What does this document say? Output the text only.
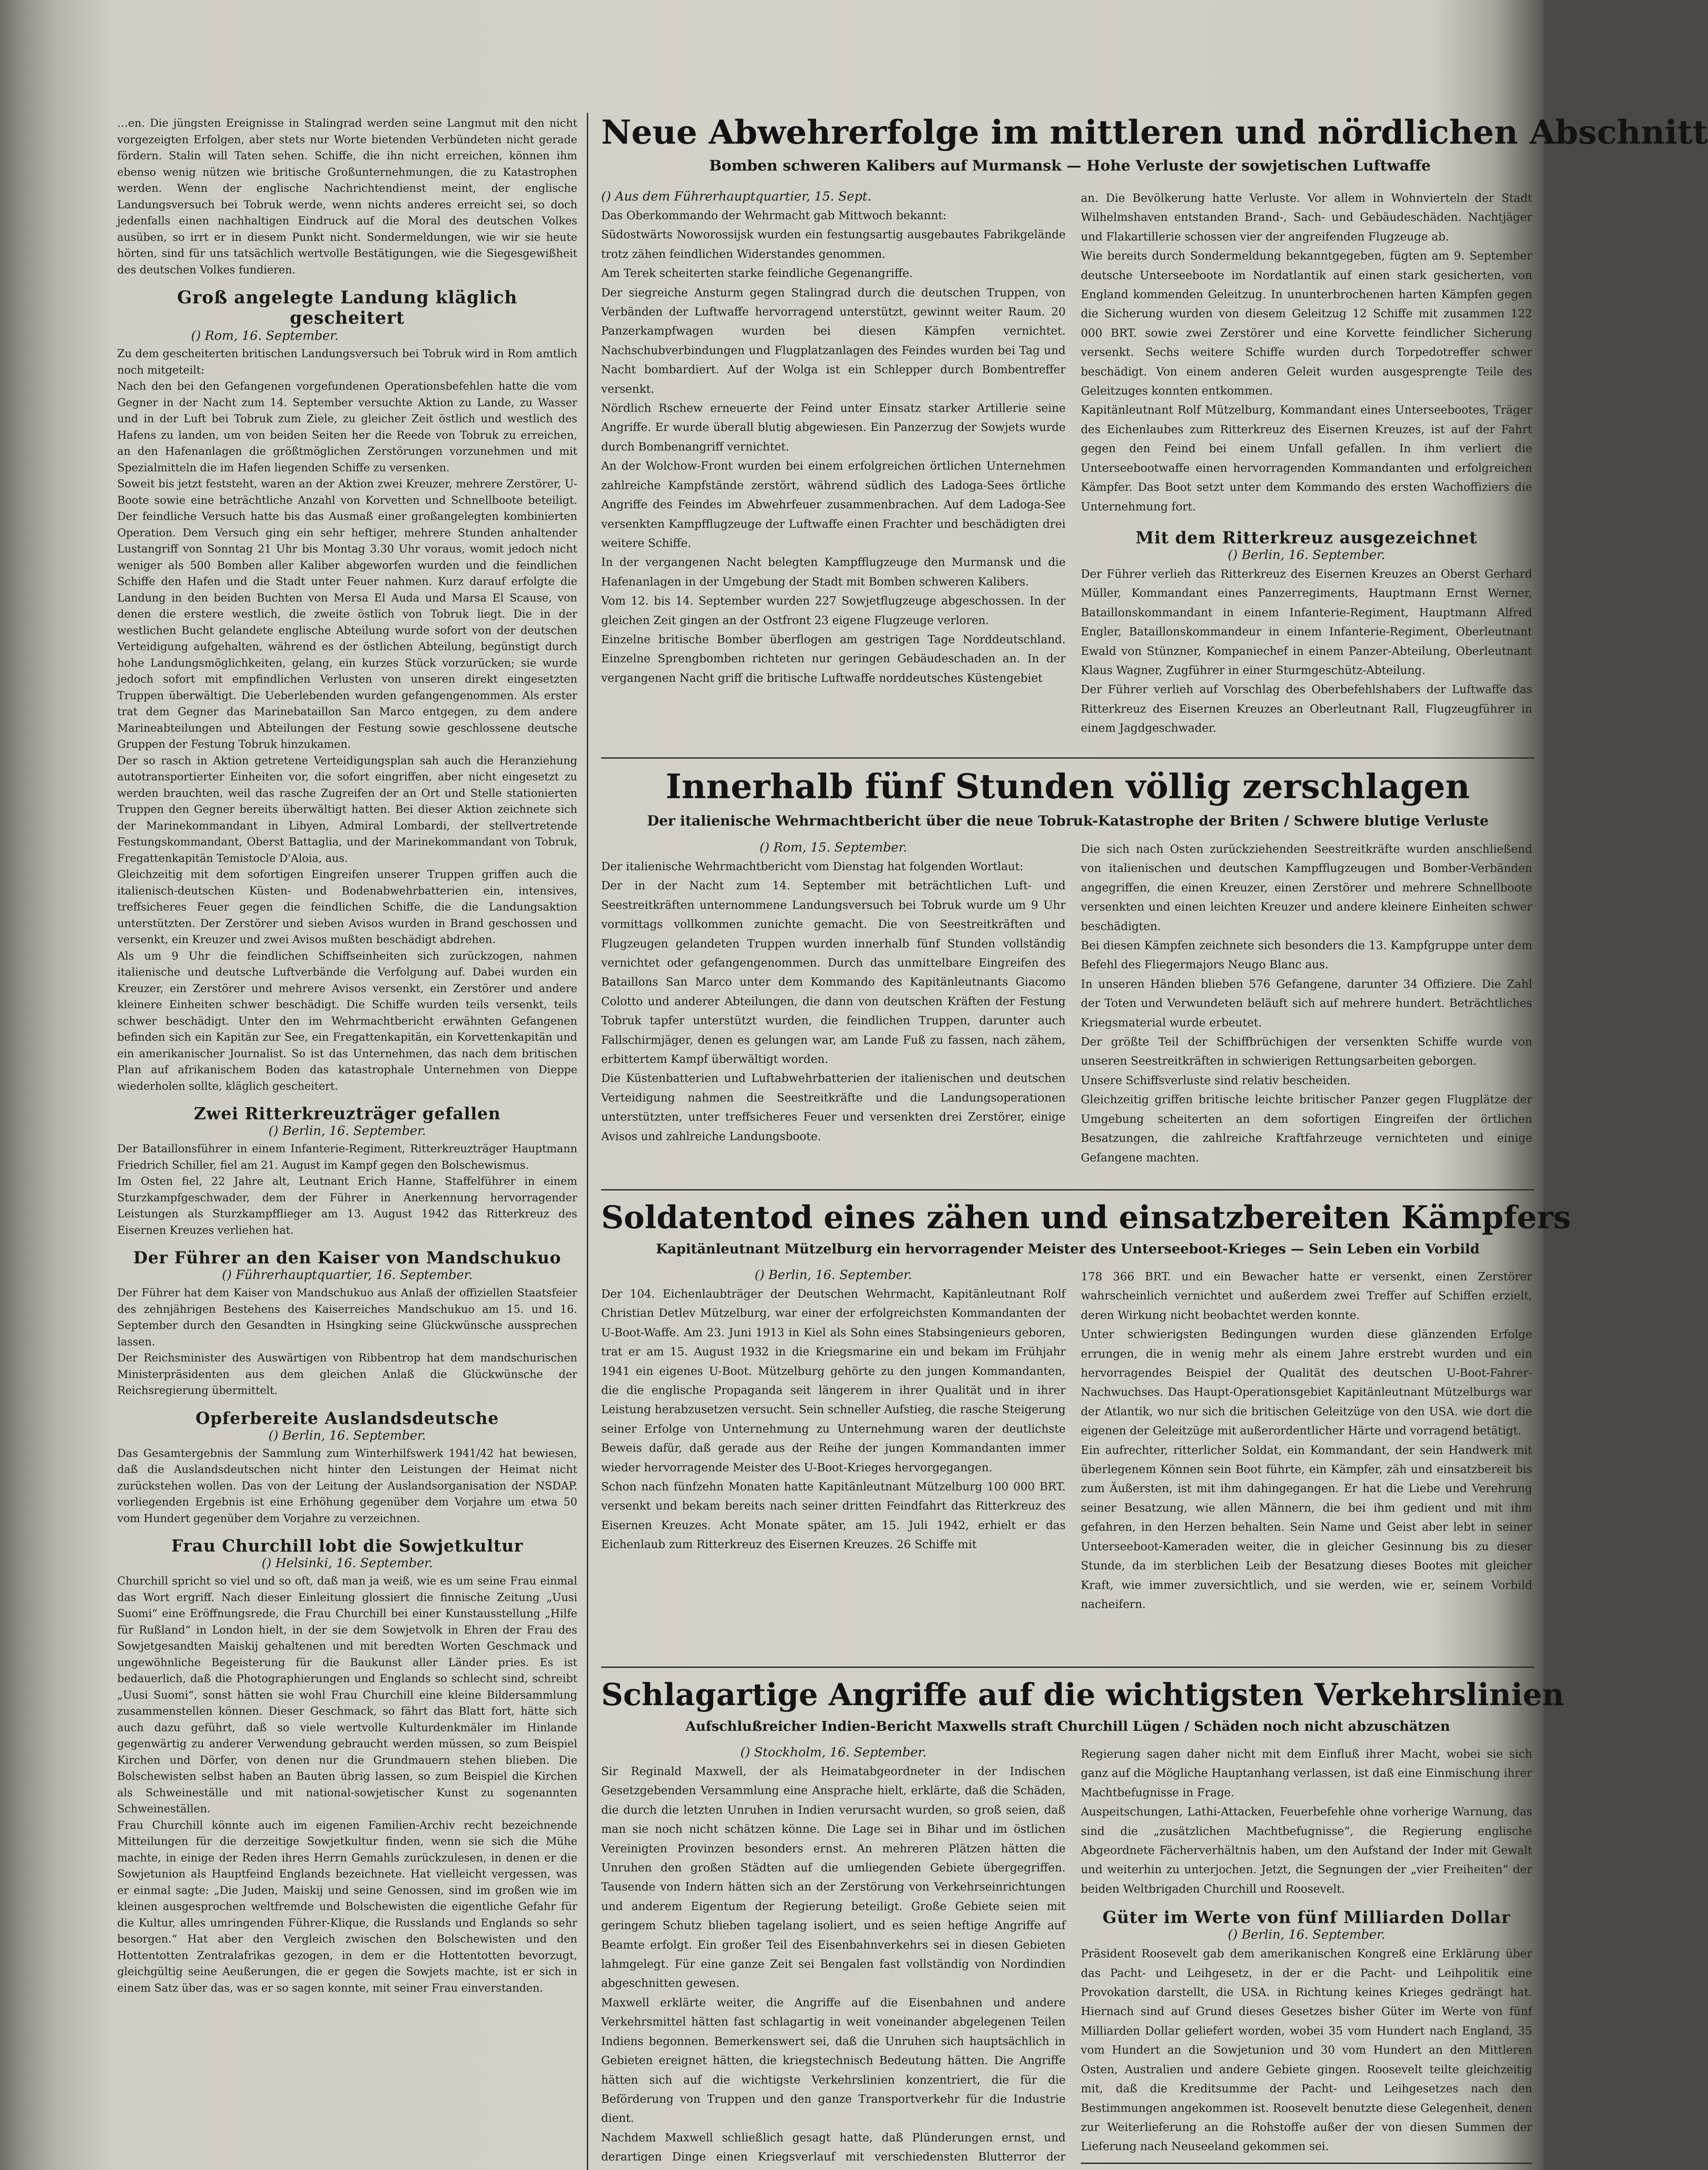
…en. Die jüngsten Ereignisse in Stalingrad werden seine Langmut mit den nicht vorgezeigten Erfolgen, aber stets nur Worte bietenden Verbündeten nicht gerade fördern. Stalin will Taten sehen. Schiffe, die ihn nicht erreichen, können ihm ebenso wenig nützen wie britische Großunternehmungen, die zu Katastrophen werden. Wenn der englische Nachrichtendienst meint, der englische Landungsversuch bei Tobruk werde, wenn nichts anderes erreicht sei, so doch jedenfalls einen nachhaltigen Eindruck auf die Moral des deutschen Volkes ausüben, so irrt er in diesem Punkt nicht. Sondermeldungen, wie wir sie heute hörten, sind für uns tatsächlich wertvolle Bestätigungen, wie die Siegesgewißheit des deutschen Volkes fundieren.

Groß angelegte Landung kläglich gescheitert

() Rom, 16. September.

Zu dem gescheiterten britischen Landungsversuch bei Tobruk wird in Rom amtlich noch mitgeteilt:

Nach den bei den Gefangenen vorgefundenen Operationsbefehlen hatte die vom Gegner in der Nacht zum 14. September versuchte Aktion zu Lande, zu Wasser und in der Luft bei Tobruk zum Ziele, zu gleicher Zeit östlich und westlich des Hafens zu landen, um von beiden Seiten her die Reede von Tobruk zu erreichen, an den Hafenanlagen die größtmöglichen Zerstörungen vorzunehmen und mit Spezialmitteln die im Hafen liegenden Schiffe zu versenken.

Soweit bis jetzt feststeht, waren an der Aktion zwei Kreuzer, mehrere Zerstörer, U-Boote sowie eine beträchtliche Anzahl von Korvetten und Schnellboote beteiligt. Der feindliche Versuch hatte bis das Ausmaß einer großangelegten kombinierten Operation. Dem Versuch ging ein sehr heftiger, mehrere Stunden anhaltender Lustangriff von Sonntag 21 Uhr bis Montag 3.30 Uhr voraus, womit jedoch nicht weniger als 500 Bomben aller Kaliber abgeworfen wurden und die feindlichen Schiffe den Hafen und die Stadt unter Feuer nahmen. Kurz darauf erfolgte die Landung in den beiden Buchten von Mersa El Auda und Marsa El Scause, von denen die erstere westlich, die zweite östlich von Tobruk liegt. Die in der westlichen Bucht gelandete englische Abteilung wurde sofort von der deutschen Verteidigung aufgehalten, während es der östlichen Abteilung, begünstigt durch hohe Landungsmöglichkeiten, gelang, ein kurzes Stück vorzurücken; sie wurde jedoch sofort mit empfindlichen Verlusten von unseren direkt eingesetzten Truppen überwältigt. Die Ueberlebenden wurden gefangengenommen. Als erster trat dem Gegner das Marinebataillon San Marco entgegen, zu dem andere Marineabteilungen und Abteilungen der Festung sowie geschlossene deutsche Gruppen der Festung Tobruk hinzukamen.

Der so rasch in Aktion getretene Verteidigungsplan sah auch die Heranziehung autotransportierter Einheiten vor, die sofort eingriffen, aber nicht eingesetzt zu werden brauchten, weil das rasche Zugreifen der an Ort und Stelle stationierten Truppen den Gegner bereits überwältigt hatten. Bei dieser Aktion zeichnete sich der Marinekommandant in Libyen, Admiral Lombardi, der stellvertretende Festungskommandant, Oberst Battaglia, und der Marinekommandant von Tobruk, Fregattenkapitän Temistocle D'Aloia, aus.

Gleichzeitig mit dem sofortigen Eingreifen unserer Truppen griffen auch die italienisch-deutschen Küsten- und Bodenabwehrbatterien ein, intensives, treffsicheres Feuer gegen die feindlichen Schiffe, die die Landungsaktion unterstützten. Der Zerstörer und sieben Avisos wurden in Brand geschossen und versenkt, ein Kreuzer und zwei Avisos mußten beschädigt abdrehen.

Als um 9 Uhr die feindlichen Schiffseinheiten sich zurückzogen, nahmen italienische und deutsche Luftverbände die Verfolgung auf. Dabei wurden ein Kreuzer, ein Zerstörer und mehrere Avisos versenkt, ein Zerstörer und andere kleinere Einheiten schwer beschädigt. Die Schiffe wurden teils versenkt, teils schwer beschädigt. Unter den im Wehrmachtbericht erwähnten Gefangenen befinden sich ein Kapitän zur See, ein Fregattenkapitän, ein Korvettenkapitän und ein amerikanischer Journalist. So ist das Unternehmen, das nach dem britischen Plan auf afrikanischem Boden das katastrophale Unternehmen von Dieppe wiederholen sollte, kläglich gescheitert.

Zwei Ritterkreuzträger gefallen

() Berlin, 16. September.

Der Bataillonsführer in einem Infanterie-Regiment, Ritterkreuzträger Hauptmann Friedrich Schiller, fiel am 21. August im Kampf gegen den Bolschewismus.

Im Osten fiel, 22 Jahre alt, Leutnant Erich Hanne, Staffelführer in einem Sturzkampfgeschwader, dem der Führer in Anerkennung hervorragender Leistungen als Sturzkampfflieger am 13. August 1942 das Ritterkreuz des Eisernen Kreuzes verliehen hat.

Der Führer an den Kaiser von Mandschukuo

() Führerhauptquartier, 16. September.

Der Führer hat dem Kaiser von Mandschukuo aus Anlaß der offiziellen Staatsfeier des zehnjährigen Bestehens des Kaiserreiches Mandschukuo am 15. und 16. September durch den Gesandten in Hsingking seine Glückwünsche aussprechen lassen.

Der Reichsminister des Auswärtigen von Ribbentrop hat dem mandschurischen Ministerpräsidenten aus dem gleichen Anlaß die Glückwünsche der Reichsregierung übermittelt.

Opferbereite Auslandsdeutsche

() Berlin, 16. September.

Das Gesamtergebnis der Sammlung zum Winterhilfswerk 1941/42 hat bewiesen, daß die Auslandsdeutschen nicht hinter den Leistungen der Heimat nicht zurückstehen wollen. Das von der Leitung der Auslandsorganisation der NSDAP. vorliegenden Ergebnis ist eine Erhöhung gegenüber dem Vorjahre um etwa 50 vom Hundert gegenüber dem Vorjahre zu verzeichnen.

Frau Churchill lobt die Sowjetkultur

() Helsinki, 16. September.

Churchill spricht so viel und so oft, daß man ja weiß, wie es um seine Frau einmal das Wort ergriff. Nach dieser Einleitung glossiert die finnische Zeitung „Uusi Suomi“ eine Eröffnungsrede, die Frau Churchill bei einer Kunstausstellung „Hilfe für Rußland“ in London hielt, in der sie dem Sowjetvolk in Ehren der Frau des Sowjetgesandten Maiskij gehaltenen und mit beredten Worten Geschmack und ungewöhnliche Begeisterung für die Baukunst aller Länder pries. Es ist bedauerlich, daß die Photographierungen und Englands so schlecht sind, schreibt „Uusi Suomi“, sonst hätten sie wohl Frau Churchill eine kleine Bildersammlung zusammenstellen können. Dieser Geschmack, so fährt das Blatt fort, hätte sich auch dazu geführt, daß so viele wertvolle Kulturdenkmäler im Hinlande gegenwärtig zu anderer Verwendung gebraucht werden müssen, so zum Beispiel Kirchen und Dörfer, von denen nur die Grundmauern stehen blieben. Die Bolschewisten selbst haben an Bauten übrig lassen, so zum Beispiel die Kirchen als Schweineställe und mit national-sowjetischer Kunst zu sogenannten Schweineställen.

Frau Churchill könnte auch im eigenen Familien-Archiv recht bezeichnende Mitteilungen für die derzeitige Sowjetkultur finden, wenn sie sich die Mühe machte, in einige der Reden ihres Herrn Gemahls zurückzulesen, in denen er die Sowjetunion als Hauptfeind Englands bezeichnete. Hat vielleicht vergessen, was er einmal sagte: „Die Juden, Maiskij und seine Genossen, sind im großen wie im kleinen ausgesprochen weltfremde und Bolschewisten die eigentliche Gefahr für die Kultur, alles umringenden Führer-Klique, die Russlands und Englands so sehr besorgen.“ Hat aber den Vergleich zwischen den Bolschewisten und den Hottentotten Zentralafrikas gezogen, in dem er die Hottentotten bevorzugt, gleichgültig seine Aeußerungen, die er gegen die Sowjets machte, ist er sich in einem Satz über das, was er so sagen konnte, mit seiner Frau einverstanden.

Neue Abwehrerfolge im mittleren und nördlichen Abschnitt
Bomben schweren Kalibers auf Murmansk — Hohe Verluste der sowjetischen Luftwaffe

() Aus dem Führerhauptquartier, 15. Sept.

Das Oberkommando der Wehrmacht gab Mittwoch bekannt:

Südostwärts Noworossijsk wurden ein festungsartig ausgebautes Fabrikgelände trotz zähen feindlichen Widerstandes genommen.

Am Terek scheiterten starke feindliche Gegenangriffe.

Der siegreiche Ansturm gegen Stalingrad durch die deutschen Truppen, von Verbänden der Luftwaffe hervorragend unterstützt, gewinnt weiter Raum. 20 Panzerkampfwagen wurden bei diesen Kämpfen vernichtet. Nachschubverbindungen und Flugplatzanlagen des Feindes wurden bei Tag und Nacht bombardiert. Auf der Wolga ist ein Schlepper durch Bombentreffer versenkt.

Nördlich Rschew erneuerte der Feind unter Einsatz starker Artillerie seine Angriffe. Er wurde überall blutig abgewiesen. Ein Panzerzug der Sowjets wurde durch Bombenangriff vernichtet.

An der Wolchow-Front wurden bei einem erfolgreichen örtlichen Unternehmen zahlreiche Kampfstände zerstört, während südlich des Ladoga-Sees örtliche Angriffe des Feindes im Abwehrfeuer zusammenbrachen. Auf dem Ladoga-See versenkten Kampfflugzeuge der Luftwaffe einen Frachter und beschädigten drei weitere Schiffe.

In der vergangenen Nacht belegten Kampfflugzeuge den Murmansk und die Hafenanlagen in der Umgebung der Stadt mit Bomben schweren Kalibers.

Vom 12. bis 14. September wurden 227 Sowjetflugzeuge abgeschossen. In der gleichen Zeit gingen an der Ostfront 23 eigene Flugzeuge verloren.

Einzelne britische Bomber überflogen am gestrigen Tage Norddeutschland. Einzelne Sprengbomben richteten nur geringen Gebäudeschaden an. In der vergangenen Nacht griff die britische Luftwaffe norddeutsches Küstengebiet

an. Die Bevölkerung hatte Verluste. Vor allem in Wohnvierteln der Stadt Wilhelmshaven entstanden Brand-, Sach- und Gebäudeschäden. Nachtjäger und Flakartillerie schossen vier der angreifenden Flugzeuge ab.

Wie bereits durch Sondermeldung bekanntgegeben, fügten am 9. September deutsche Unterseeboote im Nordatlantik auf einen stark gesicherten, von England kommenden Geleitzug. In ununterbrochenen harten Kämpfen gegen die Sicherung wurden von diesem Geleitzug 12 Schiffe mit zusammen 122 000 BRT. sowie zwei Zerstörer und eine Korvette feindlicher Sicherung versenkt. Sechs weitere Schiffe wurden durch Torpedotreffer schwer beschädigt. Von einem anderen Geleit wurden ausgesprengte Teile des Geleitzuges konnten entkommen.

Kapitänleutnant Rolf Mützelburg, Kommandant eines Unterseebootes, Träger des Eichenlaubes zum Ritterkreuz des Eisernen Kreuzes, ist auf der Fahrt gegen den Feind bei einem Unfall gefallen. In ihm verliert die Unterseebootwaffe einen hervorragenden Kommandanten und erfolgreichen Kämpfer. Das Boot setzt unter dem Kommando des ersten Wachoffiziers die Unternehmung fort.

Mit dem Ritterkreuz ausgezeichnet

() Berlin, 16. September.

Der Führer verlieh das Ritterkreuz des Eisernen Kreuzes an Oberst Gerhard Müller, Kommandant eines Panzerregiments, Hauptmann Ernst Werner, Bataillonskommandant in einem Infanterie-Regiment, Hauptmann Alfred Engler, Bataillonskommandeur in einem Infanterie-Regiment, Oberleutnant Ewald von Stünzner, Kompaniechef in einem Panzer-Abteilung, Oberleutnant Klaus Wagner, Zugführer in einer Sturmgeschütz-Abteilung.

Der Führer verlieh auf Vorschlag des Oberbefehlshabers der Luftwaffe das Ritterkreuz des Eisernen Kreuzes an Oberleutnant Rall, Flugzeugführer in einem Jagdgeschwader.

Innerhalb fünf Stunden völlig zerschlagen
Der italienische Wehrmachtbericht über die neue Tobruk-Katastrophe der Briten / Schwere blutige Verluste

() Rom, 15. September.

Der italienische Wehrmachtbericht vom Dienstag hat folgenden Wortlaut:

Der in der Nacht zum 14. September mit beträchtlichen Luft- und Seestreitkräften unternommene Landungsversuch bei Tobruk wurde um 9 Uhr vormittags vollkommen zunichte gemacht. Die von Seestreitkräften und Flugzeugen gelandeten Truppen wurden innerhalb fünf Stunden vollständig vernichtet oder gefangengenommen. Durch das unmittelbare Eingreifen des Bataillons San Marco unter dem Kommando des Kapitänleutnants Giacomo Colotto und anderer Abteilungen, die dann von deutschen Kräften der Festung Tobruk tapfer unterstützt wurden, die feindlichen Truppen, darunter auch Fallschirmjäger, denen es gelungen war, am Lande Fuß zu fassen, nach zähem, erbittertem Kampf überwältigt worden.

Die Küstenbatterien und Luftabwehrbatterien der italienischen und deutschen Verteidigung nahmen die Seestreitkräfte und die Landungsoperationen unterstützten, unter treffsicheres Feuer und versenkten drei Zerstörer, einige Avisos und zahlreiche Landungsboote.

Die sich nach Osten zurückziehenden Seestreitkräfte wurden anschließend von italienischen und deutschen Kampfflugzeugen und Bomber-Verbänden angegriffen, die einen Kreuzer, einen Zerstörer und mehrere Schnellboote versenkten und einen leichten Kreuzer und andere kleinere Einheiten schwer beschädigten.

Bei diesen Kämpfen zeichnete sich besonders die 13. Kampfgruppe unter dem Befehl des Fliegermajors Neugo Blanc aus.

In unseren Händen blieben 576 Gefangene, darunter 34 Offiziere. Die Zahl der Toten und Verwundeten beläuft sich auf mehrere hundert. Beträchtliches Kriegsmaterial wurde erbeutet.

Der größte Teil der Schiffbrüchigen der versenkten Schiffe wurde von unseren Seestreitkräften in schwierigen Rettungsarbeiten geborgen.

Unsere Schiffsverluste sind relativ bescheiden.

Gleichzeitig griffen britische leichte britischer Panzer gegen Flugplätze der Umgebung scheiterten an dem sofortigen Eingreifen der örtlichen Besatzungen, die zahlreiche Kraftfahrzeuge vernichteten und einige Gefangene machten.

Soldatentod eines zähen und einsatzbereiten Kämpfers
Kapitänleutnant Mützelburg ein hervorragender Meister des Unterseeboot-Krieges — Sein Leben ein Vorbild

() Berlin, 16. September.

Der 104. Eichenlaubträger der Deutschen Wehrmacht, Kapitänleutnant Rolf Christian Detlev Mützelburg, war einer der erfolgreichsten Kommandanten der U-Boot-Waffe. Am 23. Juni 1913 in Kiel als Sohn eines Stabsingenieurs geboren, trat er am 15. August 1932 in die Kriegsmarine ein und bekam im Frühjahr 1941 ein eigenes U-Boot. Mützelburg gehörte zu den jungen Kommandanten, die die englische Propaganda seit längerem in ihrer Qualität und in ihrer Leistung herabzusetzen versucht. Sein schneller Aufstieg, die rasche Steigerung seiner Erfolge von Unternehmung zu Unternehmung waren der deutlichste Beweis dafür, daß gerade aus der Reihe der jungen Kommandanten immer wieder hervorragende Meister des U-Boot-Krieges hervorgegangen.

Schon nach fünfzehn Monaten hatte Kapitänleutnant Mützelburg 100 000 BRT. versenkt und bekam bereits nach seiner dritten Feindfahrt das Ritterkreuz des Eisernen Kreuzes. Acht Monate später, am 15. Juli 1942, erhielt er das Eichenlaub zum Ritterkreuz des Eisernen Kreuzes. 26 Schiffe mit

178 366 BRT. und ein Bewacher hatte er versenkt, einen Zerstörer wahrscheinlich vernichtet und außerdem zwei Treffer auf Schiffen erzielt, deren Wirkung nicht beobachtet werden konnte.

Unter schwierigsten Bedingungen wurden diese glänzenden Erfolge errungen, die in wenig mehr als einem Jahre erstrebt wurden und ein hervorragendes Beispiel der Qualität des deutschen U-Boot-Fahrer-Nachwuchses. Das Haupt-Operationsgebiet Kapitänleutnant Mützelburgs war der Atlantik, wo nur sich die britischen Geleitzüge von den USA. wie dort die eigenen der Geleitzüge mit außerordentlicher Härte und vorragend betätigt.

Ein aufrechter, ritterlicher Soldat, ein Kommandant, der sein Handwerk mit überlegenem Können sein Boot führte, ein Kämpfer, zäh und einsatzbereit bis zum Äußersten, ist mit ihm dahingegangen. Er hat die Liebe und Verehrung seiner Besatzung, wie allen Männern, die bei ihm gedient und mit ihm gefahren, in den Herzen behalten. Sein Name und Geist aber lebt in seiner Unterseeboot-Kameraden weiter, die in gleicher Gesinnung bis zu dieser Stunde, da im sterblichen Leib der Besatzung dieses Bootes mit gleicher Kraft, wie immer zuversichtlich, und sie werden, wie er, seinem Vorbild nacheifern.

Schlagartige Angriffe auf die wichtigsten Verkehrslinien
Aufschlußreicher Indien-Bericht Maxwells straft Churchill Lügen / Schäden noch nicht abzuschätzen

() Stockholm, 16. September.

Sir Reginald Maxwell, der als Heimatabgeordneter in der Indischen Gesetzgebenden Versammlung eine Ansprache hielt, erklärte, daß die Schäden, die durch die letzten Unruhen in Indien verursacht wurden, so groß seien, daß man sie noch nicht schätzen könne. Die Lage sei in Bihar und im östlichen Vereinigten Provinzen besonders ernst. An mehreren Plätzen hätten die Unruhen den großen Städten auf die umliegenden Gebiete übergegriffen. Tausende von Indern hätten sich an der Zerstörung von Verkehrseinrichtungen und anderem Eigentum der Regierung beteiligt. Große Gebiete seien mit geringem Schutz blieben tagelang isoliert, und es seien heftige Angriffe auf Beamte erfolgt. Ein großer Teil des Eisenbahnverkehrs sei in diesen Gebieten lahmgelegt. Für eine ganze Zeit sei Bengalen fast vollständig von Nordindien abgeschnitten gewesen.

Maxwell erklärte weiter, die Angriffe auf die Eisenbahnen und andere Verkehrsmittel hätten fast schlagartig in weit voneinander abgelegenen Teilen Indiens begonnen. Bemerkenswert sei, daß die Unruhen sich hauptsächlich in Gebieten ereignet hätten, die kriegstechnisch Bedeutung hätten. Die Angriffe hätten sich auf die wichtigste Verkehrslinien konzentriert, die für die Beförderung von Truppen und den ganze Transportverkehr für die Industrie dient.

Nachdem Maxwell schließlich gesagt hatte, daß Plünderungen ernst, und derartigen Dinge einen Kriegsverlauf mit verschiedensten Blutterror der

Regierung sagen daher nicht mit dem Einfluß ihrer Macht, wobei sie sich ganz auf die Mögliche Hauptanhang verlassen, ist daß eine Einmischung ihrer Machtbefugnisse in Frage.

Auspeitschungen, Lathi-Attacken, Feuerbefehle ohne vorherige Warnung, das sind die „zusätzlichen Machtbefugnisse“, die Regierung englische Abgeordnete Fächerverhältnis haben, um den Aufstand der Inder mit Gewalt und weiterhin zu unterjochen. Jetzt, die Segnungen der „vier Freiheiten“ der beiden Weltbrigaden Churchill und Roosevelt.

Güter im Werte von fünf Milliarden Dollar

() Berlin, 16. September.

Präsident Roosevelt gab dem amerikanischen Kongreß eine Erklärung über das Pacht- und Leihgesetz, in der er die Pacht- und Leihpolitik eine Provokation darstellt, die USA. in Richtung keines Krieges gedrängt hat. Hiernach sind auf Grund dieses Gesetzes bisher Güter im Werte von fünf Milliarden Dollar geliefert worden, wobei 35 vom Hundert nach England, 35 vom Hundert an die Sowjetunion und 30 vom Hundert an den Mittleren Osten, Australien und andere Gebiete gingen. Roosevelt teilte gleichzeitig mit, daß die Kreditsumme der Pacht- und Leihgesetzes nach den Bestimmungen angekommen ist. Roosevelt benutzte diese Gelegenheit, denen zur Weiterlieferung an die Rohstoffe außer der von diesen Summen der Lieferung nach Neuseeland gekommen sei.
